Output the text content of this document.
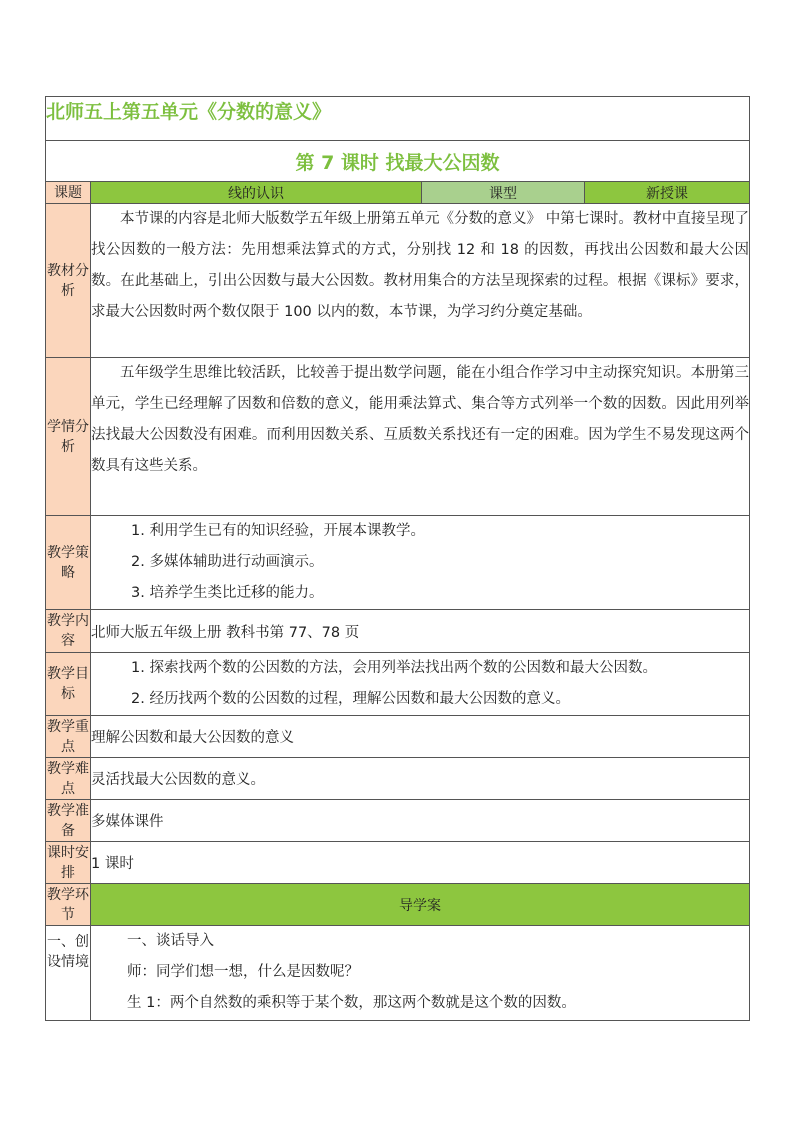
北师五上第五单元《分数的意义》			
第 7 课时 找最大公因数			
课题	线的认识	课型	新授课
教材分析	本节课的内容是北师大版数学五年级上册第五单元《分数的意义》 中第七课时。教材中直接呈现了找公因数的一般方法：先用想乘法算式的方式，分别找 12 和 18 的因数，再找出公因数和最大公因数。在此基础上，引出公因数与最大公因数。教材用集合的方法呈现探索的过程。根据《课标》要求，求最大公因数时两个数仅限于 100 以内的数，本节课，为学习约分奠定基础。		
学情分析	五年级学生思维比较活跃，比较善于提出数学问题，能在小组合作学习中主动探究知识。本册第三单元，学生已经理解了因数和倍数的意义，能用乘法算式、集合等方式列举一个数的因数。因此用列举法找最大公因数没有困难。而利用因数关系、互质数关系找还有一定的困难。因为学生不易发现这两个数具有这些关系。		
教学策略	1. 利用学生已有的知识经验，开展本课教学。
2. 多媒体辅助进行动画演示。
3. 培养学生类比迁移的能力。		

教学内容	北师大版五年级上册 教科书第 77、78 页		
教学目标	1. 探索找两个数的公因数的方法，会用列举法找出两个数的公因数和最大公因数。
2. 经历找两个数的公因数的过程，理解公因数和最大公因数的意义。		

教学重点	理解公因数和最大公因数的意义		
教学难点	灵活找最大公因数的意义。		
教学准备	多媒体课件		
课时安排	1 课时		
教学环节	导学案		
一、创设情境	一、谈话导入
师：同学们想一想，什么是因数呢？
生 1：两个自然数的乘积等于某个数，那这两个数就是这个数的因数。		
